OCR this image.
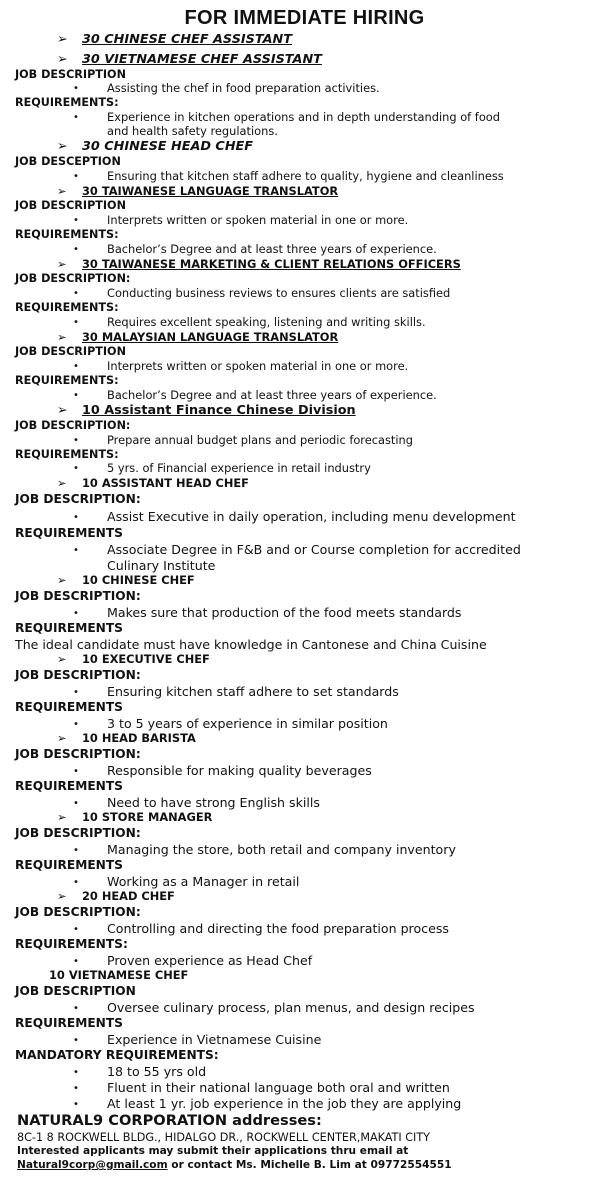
FOR IMMEDIATE HIRING
➢ 30 CHINESE CHEF ASSISTANT
➢ 30 VIETNAMESE CHEF ASSISTANT
JOB DESCRIPTION
• Assisting the chef in food preparation activities.
REQUIREMENTS:
• Experience in kitchen operations and in depth understanding of food
and health safety regulations.
➢ 30 CHINESE HEAD CHEF
JOB DESCEPTION
• Ensuring that kitchen staff adhere to quality, hygiene and cleanliness
➢ 30 TAIWANESE LANGUAGE TRANSLATOR
JOB DESCRIPTION
• Interprets written or spoken material in one or more.
REQUIREMENTS:
• Bachelor’s Degree and at least three years of experience.
➢ 30 TAIWANESE MARKETING & CLIENT RELATIONS OFFICERS
JOB DESCRIPTION:
• Conducting business reviews to ensures clients are satisfied
REQUIREMENTS:
• Requires excellent speaking, listening and writing skills.
➢ 30 MALAYSIAN LANGUAGE TRANSLATOR
JOB DESCRIPTION
• Interprets written or spoken material in one or more.
REQUIREMENTS:
• Bachelor’s Degree and at least three years of experience.
➢ 10 Assistant Finance Chinese Division
JOB DESCRIPTION:
• Prepare annual budget plans and periodic forecasting
REQUIREMENTS:
• 5 yrs. of Financial experience in retail industry
➢ 10 ASSISTANT HEAD CHEF
JOB DESCRIPTION:
• Assist Executive in daily operation, including menu development
REQUIREMENTS
• Associate Degree in F&B and or Course completion for accredited
Culinary Institute
➢ 10 CHINESE CHEF
JOB DESCRIPTION:
• Makes sure that production of the food meets standards
REQUIREMENTS
The ideal candidate must have knowledge in Cantonese and China Cuisine
➢ 10 EXECUTIVE CHEF
JOB DESCRIPTION:
• Ensuring kitchen staff adhere to set standards
REQUIREMENTS
• 3 to 5 years of experience in similar position
➢ 10 HEAD BARISTA
JOB DESCRIPTION:
• Responsible for making quality beverages
REQUIREMENTS
• Need to have strong English skills
➢ 10 STORE MANAGER
JOB DESCRIPTION:
• Managing the store, both retail and company inventory
REQUIREMENTS
• Working as a Manager in retail
➢ 20 HEAD CHEF
JOB DESCRIPTION:
• Controlling and directing the food preparation process
REQUIREMENTS:
• Proven experience as Head Chef
10 VIETNAMESE CHEF
JOB DESCRIPTION
• Oversee culinary process, plan menus, and design recipes
REQUIREMENTS
• Experience in Vietnamese Cuisine
MANDATORY REQUIREMENTS:
• 18 to 55 yrs old
• Fluent in their national language both oral and written
• At least 1 yr. job experience in the job they are applying
NATURAL9 CORPORATION addresses:
8C-1 8 ROCKWELL BLDG., HIDALGO DR., ROCKWELL CENTER,MAKATI CITY
Interested applicants may submit their applications thru email at
Natural9corp@gmail.com or contact Ms. Michelle B. Lim at 09772554551
